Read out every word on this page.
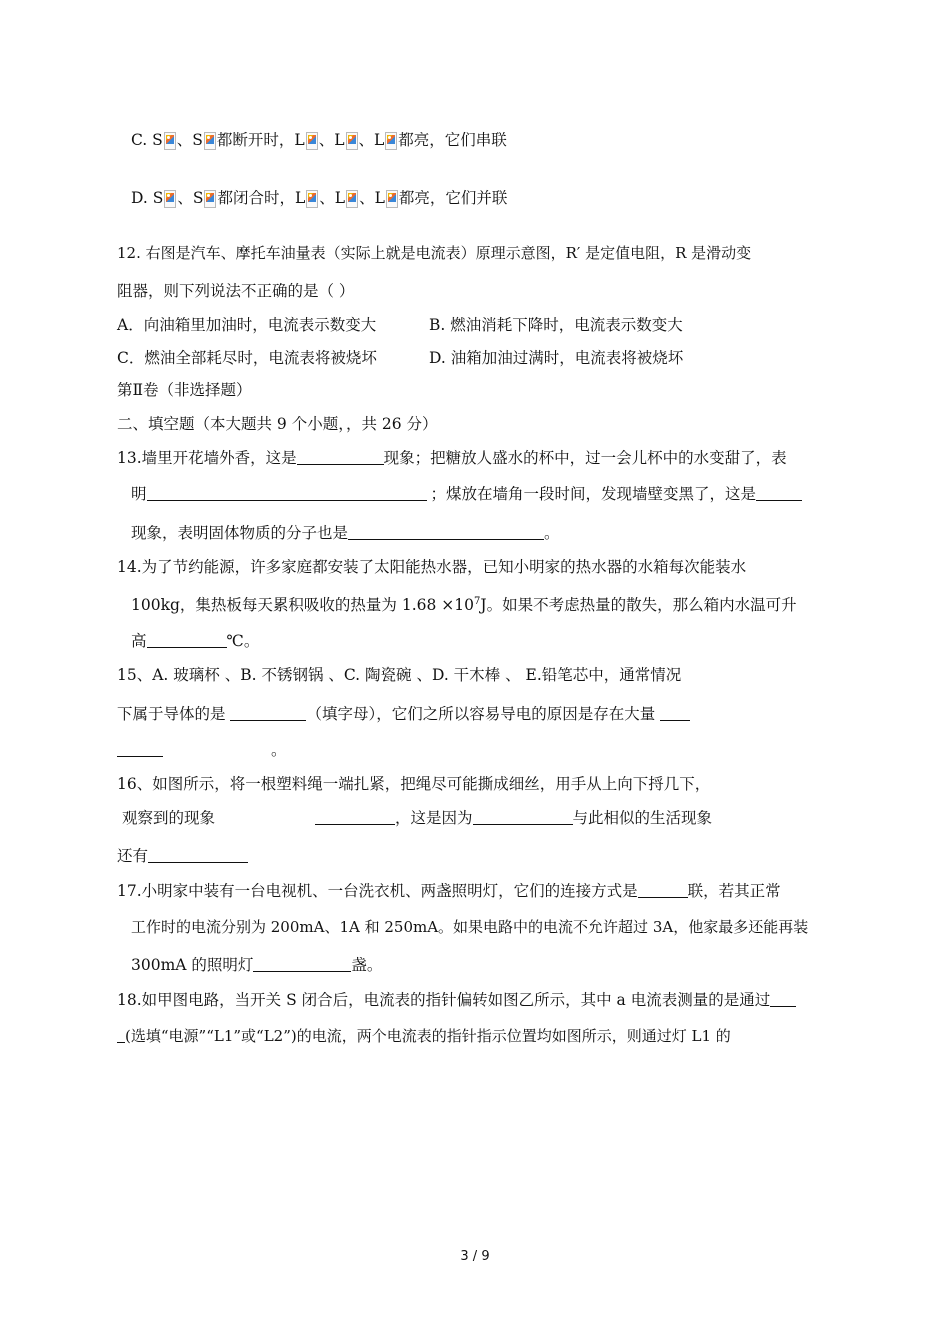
C. S 、S 都断开时，L 、L 、L 都亮，它们串联
D. S 、S 都闭合时，L 、L 、L 都亮，它们并联
12. 右图是汽车、摩托车油量表（实际上就是电流表）原理示意图，R′ 是定值电阻，R 是滑动变
阻器，则下列说法不正确的是（ ）
A．向油箱里加油时，电流表示数变大	B. 燃油消耗下降时，电流表示数变大
C．燃油全部耗尽时，电流表将被烧坏	D. 油箱加油过满时，电流表将被烧坏
第Ⅱ卷（非选择题）
二、填空题（本大题共 9 个小题，，共 26 分）
13.墙里开花墙外香，这是	现象；把糖放人盛水的杯中，过一会儿杯中的水变甜了，表
明	；煤放在墙角一段时间，发现墙壁变黑了，这是
现象，表明固体物质的分子也是	。
14.为了节约能源，许多家庭都安装了太阳能热水器，已知小明家的热水器的水箱每次能装水
100kg，集热板每天累积吸收的热量为 $1.68 \times 10^7J$。如果不考虑热量的散失，那么箱内水温可升
高	℃。
15、A. 玻璃杯 、B. 不锈钢锅 、C. 陶瓷碗 、D. 干木棒 、 E.铅笔芯中，通常情况
下属于导体的是	（填字母），它们之所以容易导电的原因是存在大量
。
16、如图所示，将一根塑料绳一端扎紧，把绳尽可能撕成细丝，用手从上向下捋几下，
观察到的现象	，这是因为	与此相似的生活现象
还有
17.小明家中装有一台电视机、一台洗衣机、两盏照明灯，它们的连接方式是	联，若其正常
工作时的电流分别为 200mA、1A 和 250mA。如果电路中的电流不允许超过 3A，他家最多还能再装
300mA 的照明灯	盏。
18.如甲图电路，当开关 S 闭合后，电流表的指针偏转如图乙所示，其中 a 电流表测量的是通过
(选填“电源”“L1”或“L2”)的电流，两个电流表的指针指示位置均如图所示，则通过灯 L1 的
3 / 9
